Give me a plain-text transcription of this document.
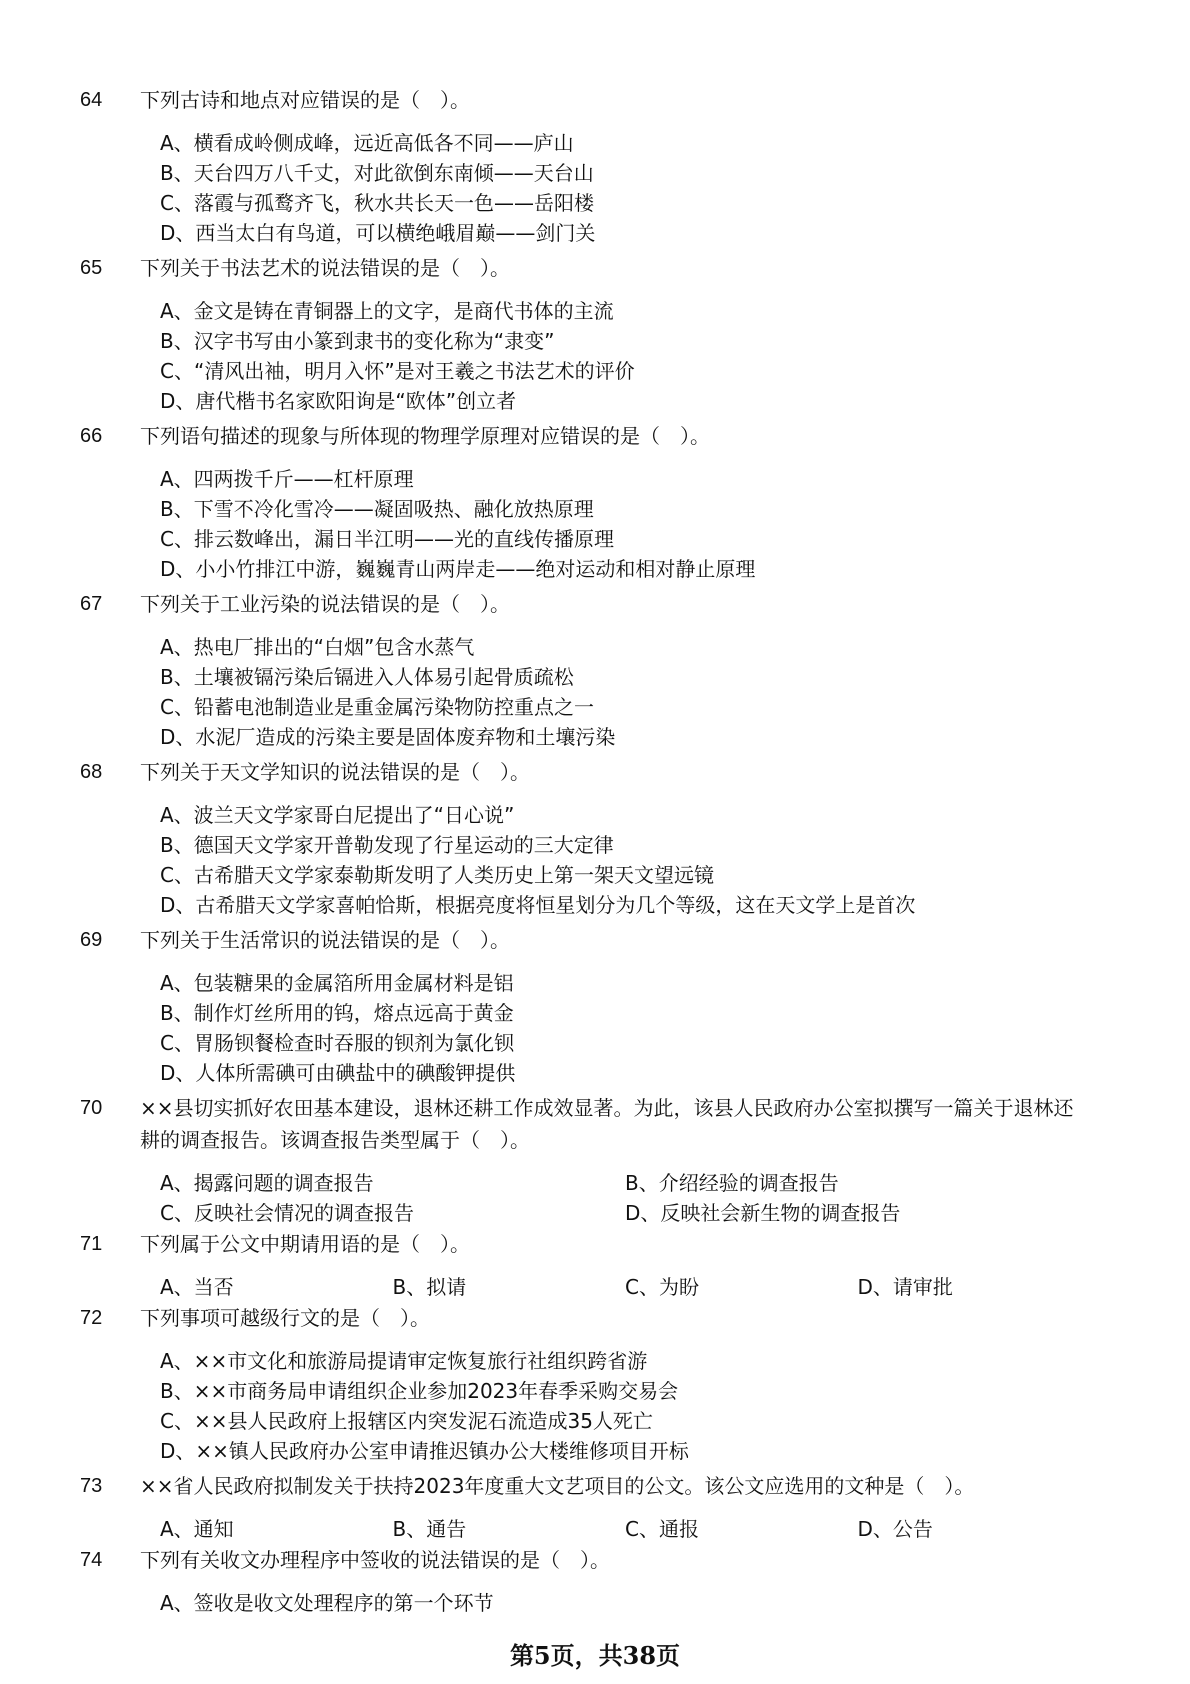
64	下列古诗和地点对应错误的是（　）。
A、横看成岭侧成峰，远近高低各不同——庐山
B、天台四万八千丈，对此欲倒东南倾——天台山
C、落霞与孤鹜齐飞，秋水共长天一色——岳阳楼
D、西当太白有鸟道，可以横绝峨眉巅——剑门关
65	下列关于书法艺术的说法错误的是（　）。
A、金文是铸在青铜器上的文字，是商代书体的主流
B、汉字书写由小篆到隶书的变化称为“隶变”
C、“清风出袖，明月入怀”是对王羲之书法艺术的评价
D、唐代楷书名家欧阳询是“欧体”创立者
66	下列语句描述的现象与所体现的物理学原理对应错误的是（　）。
A、四两拨千斤——杠杆原理
B、下雪不冷化雪冷——凝固吸热、融化放热原理
C、排云数峰出，漏日半江明——光的直线传播原理
D、小小竹排江中游，巍巍青山两岸走——绝对运动和相对静止原理
67	下列关于工业污染的说法错误的是（　）。
A、热电厂排出的“白烟”包含水蒸气
B、土壤被镉污染后镉进入人体易引起骨质疏松
C、铅蓄电池制造业是重金属污染物防控重点之一
D、水泥厂造成的污染主要是固体废弃物和土壤污染
68	下列关于天文学知识的说法错误的是（　）。
A、波兰天文学家哥白尼提出了“日心说”
B、德国天文学家开普勒发现了行星运动的三大定律
C、古希腊天文学家泰勒斯发明了人类历史上第一架天文望远镜
D、古希腊天文学家喜帕恰斯，根据亮度将恒星划分为几个等级，这在天文学上是首次
69	下列关于生活常识的说法错误的是（　）。
A、包装糖果的金属箔所用金属材料是铝
B、制作灯丝所用的钨，熔点远高于黄金
C、胃肠钡餐检查时吞服的钡剂为氯化钡
D、人体所需碘可由碘盐中的碘酸钾提供
70	××县切实抓好农田基本建设，退林还耕工作成效显著。为此，该县人民政府办公室拟撰写一篇关于退林还耕的调查报告。该调查报告类型属于（　）。
A、揭露问题的调查报告	B、介绍经验的调查报告
C、反映社会情况的调查报告	D、反映社会新生物的调查报告
71	下列属于公文中期请用语的是（　）。
A、当否	B、拟请	C、为盼	D、请审批
72	下列事项可越级行文的是（　）。
A、××市文化和旅游局提请审定恢复旅行社组织跨省游
B、××市商务局申请组织企业参加2023年春季采购交易会
C、××县人民政府上报辖区内突发泥石流造成35人死亡
D、××镇人民政府办公室申请推迟镇办公大楼维修项目开标
73	××省人民政府拟制发关于扶持2023年度重大文艺项目的公文。该公文应选用的文种是（　）。
A、通知	B、通告	C、通报	D、公告
74	下列有关收文办理程序中签收的说法错误的是（　）。
A、签收是收文处理程序的第一个环节
第5页，共38页
